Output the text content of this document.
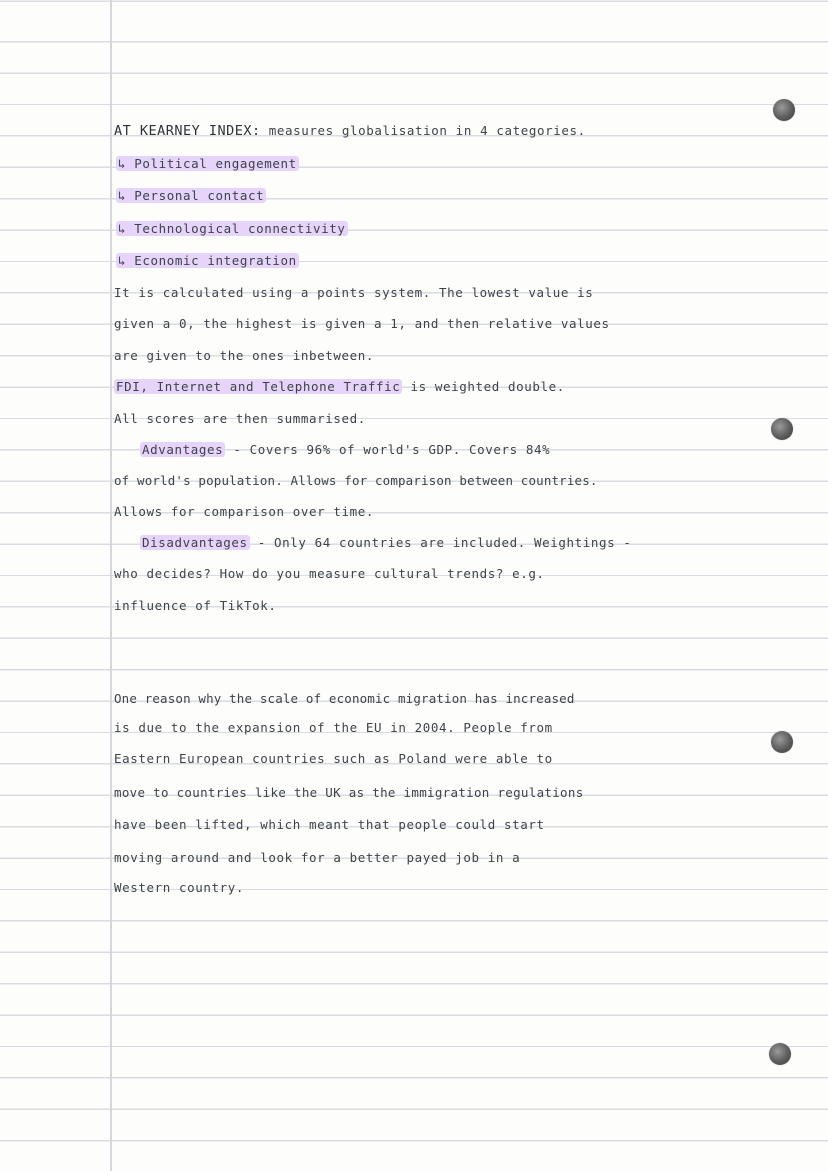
AT KEARNEY INDEX: measures globalisation in 4 categories.
↳ Political engagement
↳ Personal contact
↳ Technological connectivity
↳ Economic integration
It is calculated using a points system. The lowest value is
given a 0, the highest is given a 1, and then relative values
are given to the ones inbetween.
FDI, Internet and Telephone Traffic is weighted double.
All scores are then summarised.
Advantages - Covers 96% of world's GDP. Covers 84%
of world's population. Allows for comparison between countries.
Allows for comparison over time.
Disadvantages - Only 64 countries are included. Weightings -
who decides? How do you measure cultural trends? e.g.
influence of TikTok.
One reason why the scale of economic migration has increased
is due to the expansion of the EU in 2004. People from
Eastern European countries such as Poland were able to
move to countries like the UK as the immigration regulations
have been lifted, which meant that people could start
moving around and look for a better payed job in a
Western country.
